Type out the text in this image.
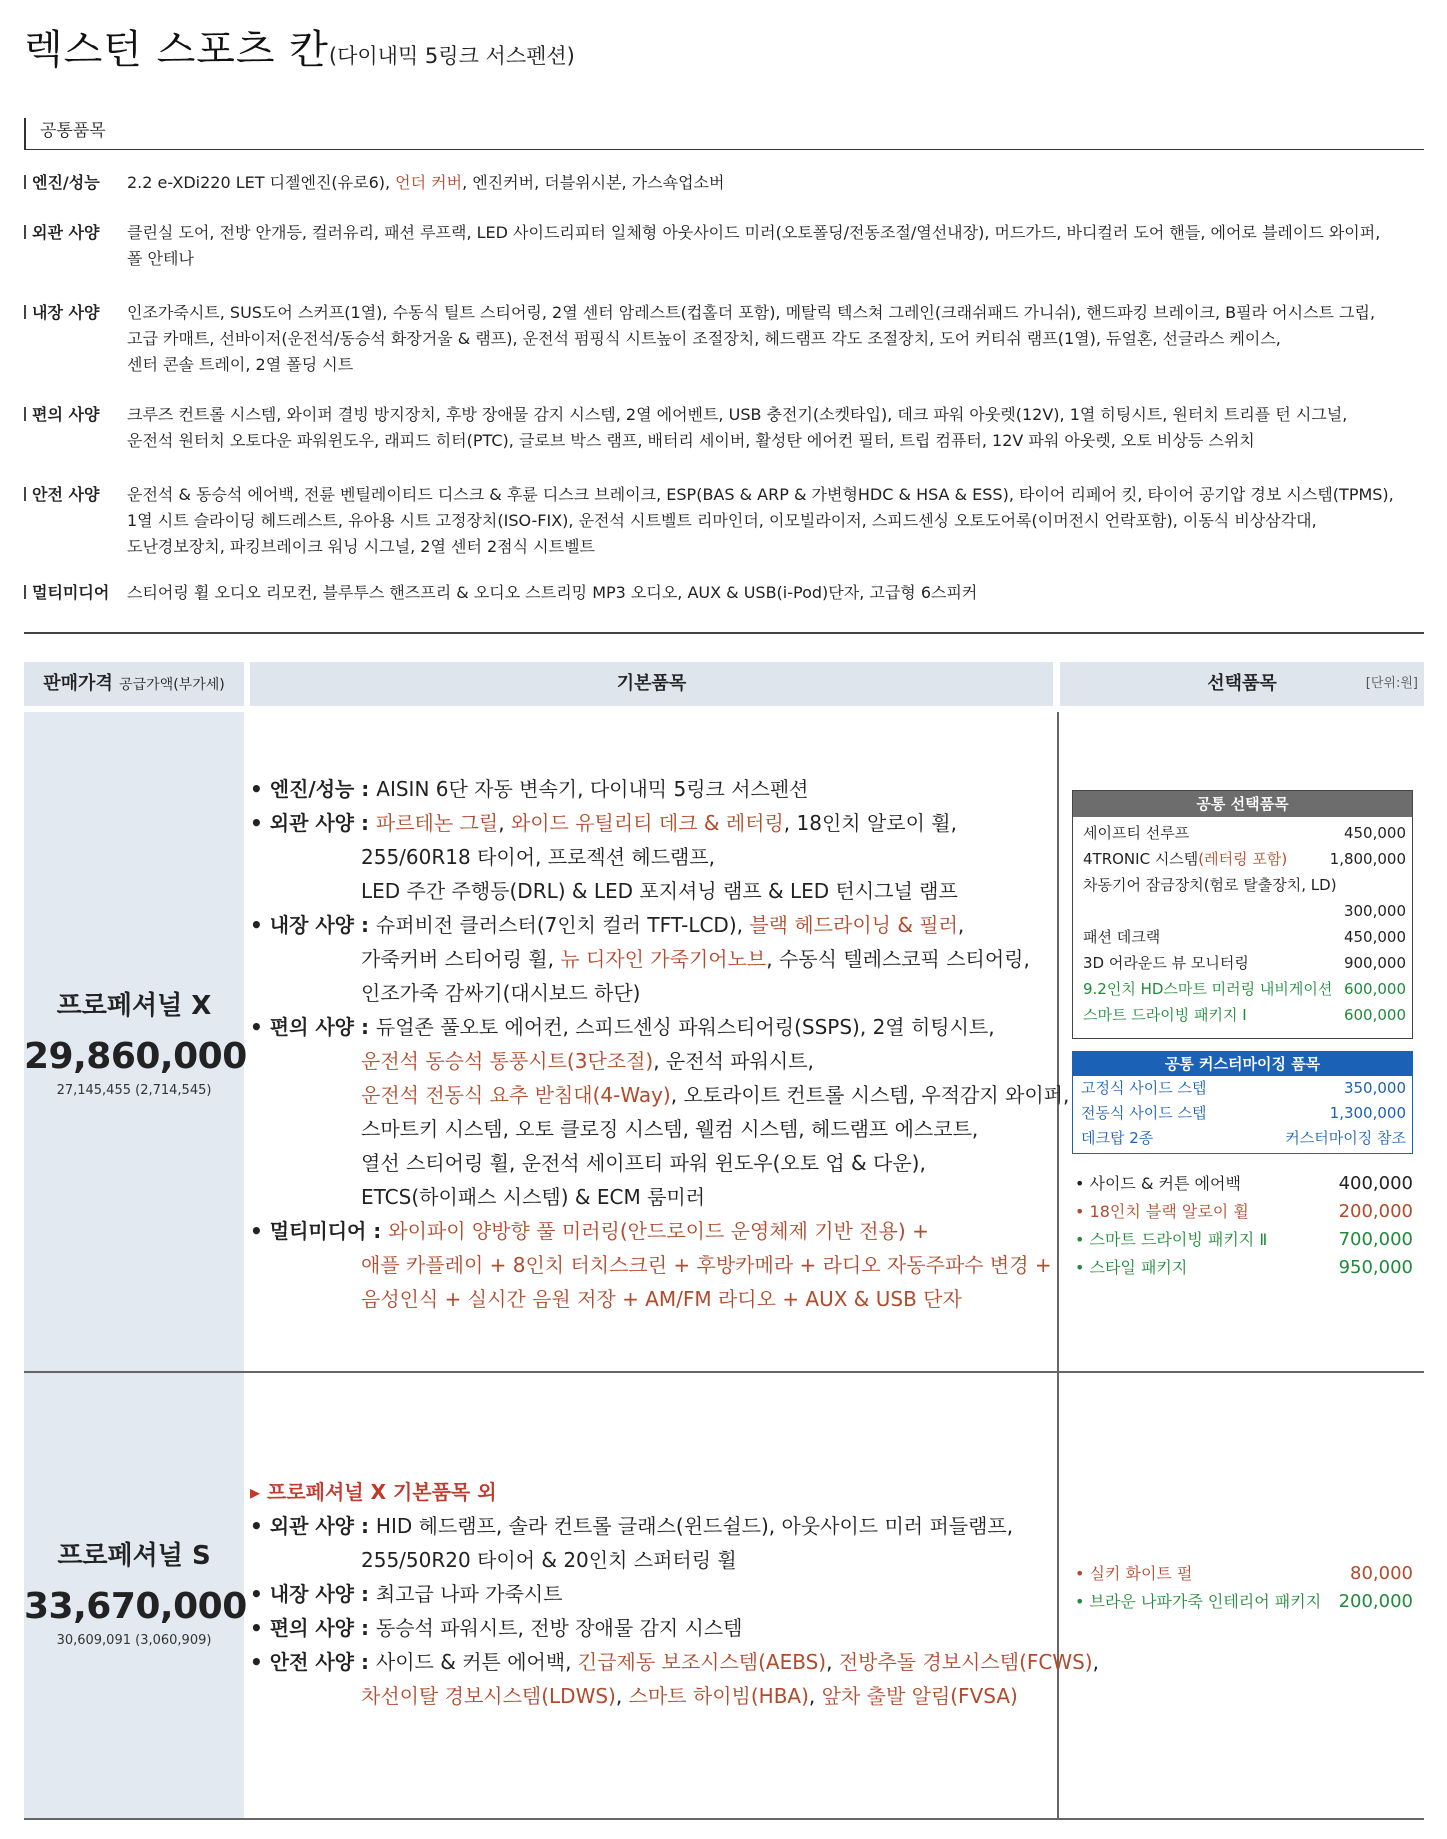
렉스턴 스포츠 칸(다이내믹 5링크 서스펜션)
공통품목
엔진/성능	2.2 e-XDi220 LET 디젤엔진(유로6), 언더 커버, 엔진커버, 더블위시본, 가스쇽업소버
외관 사양	클린실 도어, 전방 안개등, 컬러유리, 패션 루프랙, LED 사이드리피터 일체형 아웃사이드 미러(오토폴딩/전동조절/열선내장), 머드가드, 바디컬러 도어 핸들, 에어로 블레이드 와이퍼,
폴 안테나
내장 사양	인조가죽시트, SUS도어 스커프(1열), 수동식 틸트 스티어링, 2열 센터 암레스트(컵홀더 포함), 메탈릭 텍스쳐 그레인(크래쉬패드 가니쉬), 핸드파킹 브레이크, B필라 어시스트 그립,
고급 카매트, 선바이저(운전석/동승석 화장거울 & 램프), 운전석 펌핑식 시트높이 조절장치, 헤드램프 각도 조절장치, 도어 커티쉬 램프(1열), 듀얼혼, 선글라스 케이스,
센터 콘솔 트레이, 2열 폴딩 시트
편의 사양	크루즈 컨트롤 시스템, 와이퍼 결빙 방지장치, 후방 장애물 감지 시스템, 2열 에어벤트, USB 충전기(소켓타입), 데크 파워 아웃렛(12V), 1열 히팅시트, 원터치 트리플 턴 시그널,
운전석 원터치 오토다운 파워윈도우, 래피드 히터(PTC), 글로브 박스 램프, 배터리 세이버, 활성탄 에어컨 필터, 트립 컴퓨터, 12V 파워 아웃렛, 오토 비상등 스위치
안전 사양	운전석 & 동승석 에어백, 전륜 벤틸레이티드 디스크 & 후륜 디스크 브레이크, ESP(BAS & ARP & 가변형HDC & HSA & ESS), 타이어 리페어 킷, 타이어 공기압 경보 시스템(TPMS),
1열 시트 슬라이딩 헤드레스트, 유아용 시트 고정장치(ISO-FIX), 운전석 시트벨트 리마인더, 이모빌라이저, 스피드센싱 오토도어록(이머전시 언락포함), 이동식 비상삼각대,
도난경보장치, 파킹브레이크 워닝 시그널, 2열 센터 2점식 시트벨트
멀티미디어	스티어링 휠 오디오 리모컨, 블루투스 핸즈프리 & 오디오 스트리밍 MP3 오디오, AUX & USB(i-Pod)단자, 고급형 6스피커
판매가격 공급가액(부가세)	기본품목	선택품목	[단위:원]
프로페셔널 X
29,860,000
27,145,455 (2,714,545)
• 엔진/성능 : AISIN 6단 자동 변속기, 다이내믹 5링크 서스펜션
• 외관 사양 : 파르테논 그릴, 와이드 유틸리티 데크 & 레터링, 18인치 알로이 휠,
255/60R18 타이어, 프로젝션 헤드램프,
LED 주간 주행등(DRL) & LED 포지셔닝 램프 & LED 턴시그널 램프
• 내장 사양 : 슈퍼비전 클러스터(7인치 컬러 TFT-LCD), 블랙 헤드라이닝 & 필러,
가죽커버 스티어링 휠, 뉴 디자인 가죽기어노브, 수동식 텔레스코픽 스티어링,
인조가죽 감싸기(대시보드 하단)
• 편의 사양 : 듀얼존 풀오토 에어컨, 스피드센싱 파워스티어링(SSPS), 2열 히팅시트,
운전석 동승석 통풍시트(3단조절), 운전석 파워시트,
운전석 전동식 요추 받침대(4-Way), 오토라이트 컨트롤 시스템, 우적감지 와이퍼,
스마트키 시스템, 오토 클로징 시스템, 웰컴 시스템, 헤드램프 에스코트,
열선 스티어링 휠, 운전석 세이프티 파워 윈도우(오토 업 & 다운),
ETCS(하이패스 시스템) & ECM 룸미러
• 멀티미디어 : 와이파이 양방향 풀 미러링(안드로이드 운영체제 기반 전용) +
애플 카플레이 + 8인치 터치스크린 + 후방카메라 + 라디오 자동주파수 변경 +
음성인식 + 실시간 음원 저장 + AM/FM 라디오 + AUX & USB 단자
공통 선택품목
세이프티 선루프	450,000
4TRONIC 시스템(레터링 포함)	1,800,000
차동기어 잠금장치(험로 탈출장치, LD)
300,000
패션 데크랙	450,000
3D 어라운드 뷰 모니터링	900,000
9.2인치 HD스마트 미러링 내비게이션 600,000
스마트 드라이빙 패키지 I	600,000
공통 커스터마이징 품목
고정식 사이드 스텝	350,000
전동식 사이드 스텝	1,300,000
데크탑 2종	커스터마이징 참조
• 사이드 & 커튼 에어백	400,000
• 18인치 블랙 알로이 휠	200,000
• 스마트 드라이빙 패키지 Ⅱ	700,000
• 스타일 패키지	950,000
프로페셔널 S
33,670,000
30,609,091 (3,060,909)
▸ 프로페셔널 X 기본품목 외
• 외관 사양 : HID 헤드램프, 솔라 컨트롤 글래스(윈드쉴드), 아웃사이드 미러 퍼들램프,
255/50R20 타이어 & 20인치 스퍼터링 휠
• 내장 사양 : 최고급 나파 가죽시트
• 편의 사양 : 동승석 파워시트, 전방 장애물 감지 시스템
• 안전 사양 : 사이드 & 커튼 에어백, 긴급제동 보조시스템(AEBS), 전방추돌 경보시스템(FCWS),
차선이탈 경보시스템(LDWS), 스마트 하이빔(HBA), 앞차 출발 알림(FVSA)
• 실키 화이트 펄	80,000
• 브라운 나파가죽 인테리어 패키지 200,000
